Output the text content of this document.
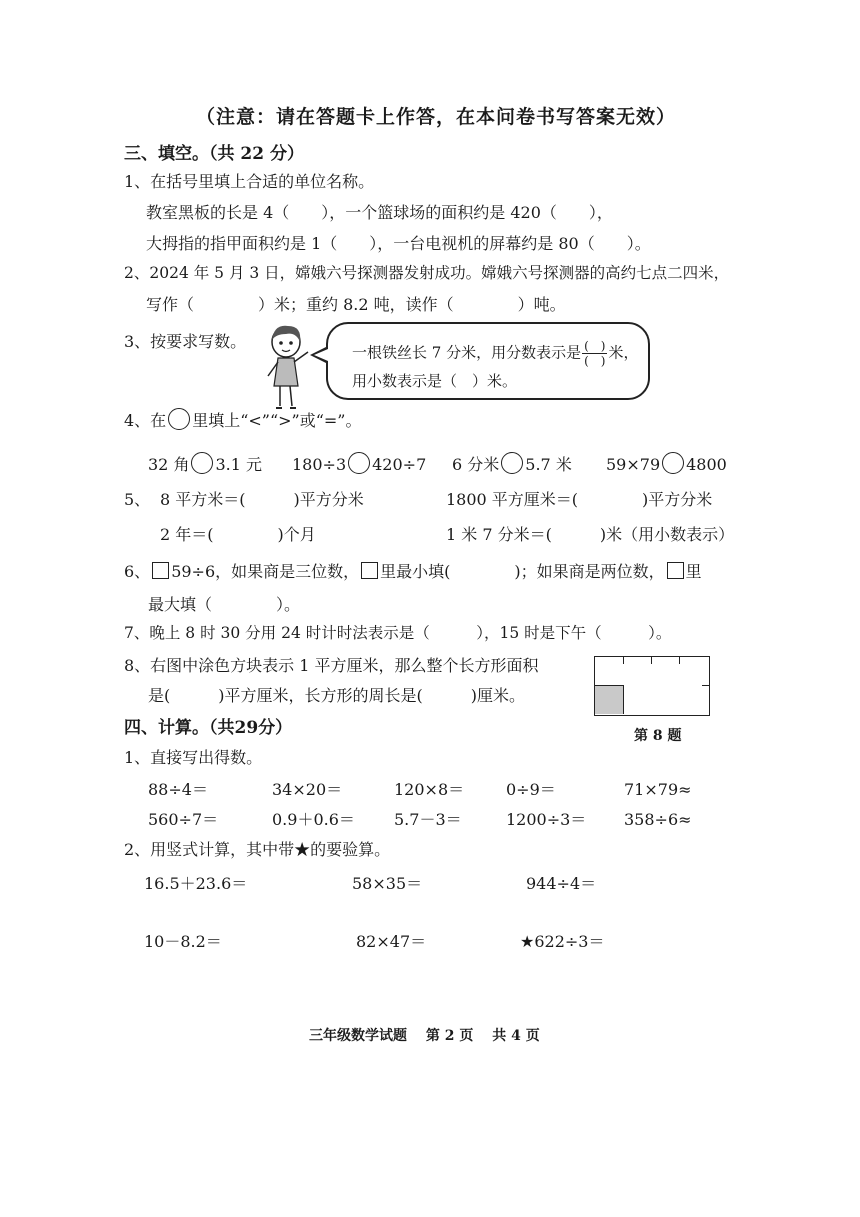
（注意：请在答题卡上作答，在本问卷书写答案无效）
三、填空。（共 22 分）
1、在括号里填上合适的单位名称。
教室黑板的长是 4（　　），一个篮球场的面积约是 420（　　），
大拇指的指甲面积约是 1（　　），一台电视机的屏幕约是 80（　　）。
2、2024 年 5 月 3 日，嫦娥六号探测器发射成功。嫦娥六号探测器的高约七点二四米，
写作（　　　　）米；重约 8.2 吨，读作（　　　　）吨。
3、按要求写数。
一根铁丝长 7 分米，用分数表示是 $\frac{( )}{( )}$ 米，
用小数表示是（　）米。
4、在 里填上“<”“>”或“=”。
32 角 3.1 元 180÷3 420÷7 6 分米 5.7 米 59×79 4800
5、 8 平方米＝(　　　)平方分米	1800 平方厘米＝(　　　　)平方分米
2 年＝(　　　　)个月	1 米 7 分米＝(　　　)米（用小数表示）
6、 59÷6，如果商是三位数， 里最小填(　　　　)；如果商是两位数， 里
最大填（　　　　）。
7、晚上 8 时 30 分用 24 时计时法表示是（　　　），15 时是下午（　　　）。
8、右图中涂色方块表示 1 平方厘米，那么整个长方形面积
是(　　　)平方厘米，长方形的周长是(　　　)厘米。
第 8 题
四、计算。（共29分）
1、直接写出得数。
88÷4＝	34×20＝	120×8＝	0÷9＝	71×79≈
560÷7＝	0.9＋0.6＝ 5.7－3＝	1200÷3＝ 358÷6≈
2、用竖式计算，其中带★的要验算。
16.5＋23.6＝	58×35＝	944÷4＝
10－8.2＝	82×47＝	★622÷3＝
三年级数学试题　 第 2 页　 共 4 页
